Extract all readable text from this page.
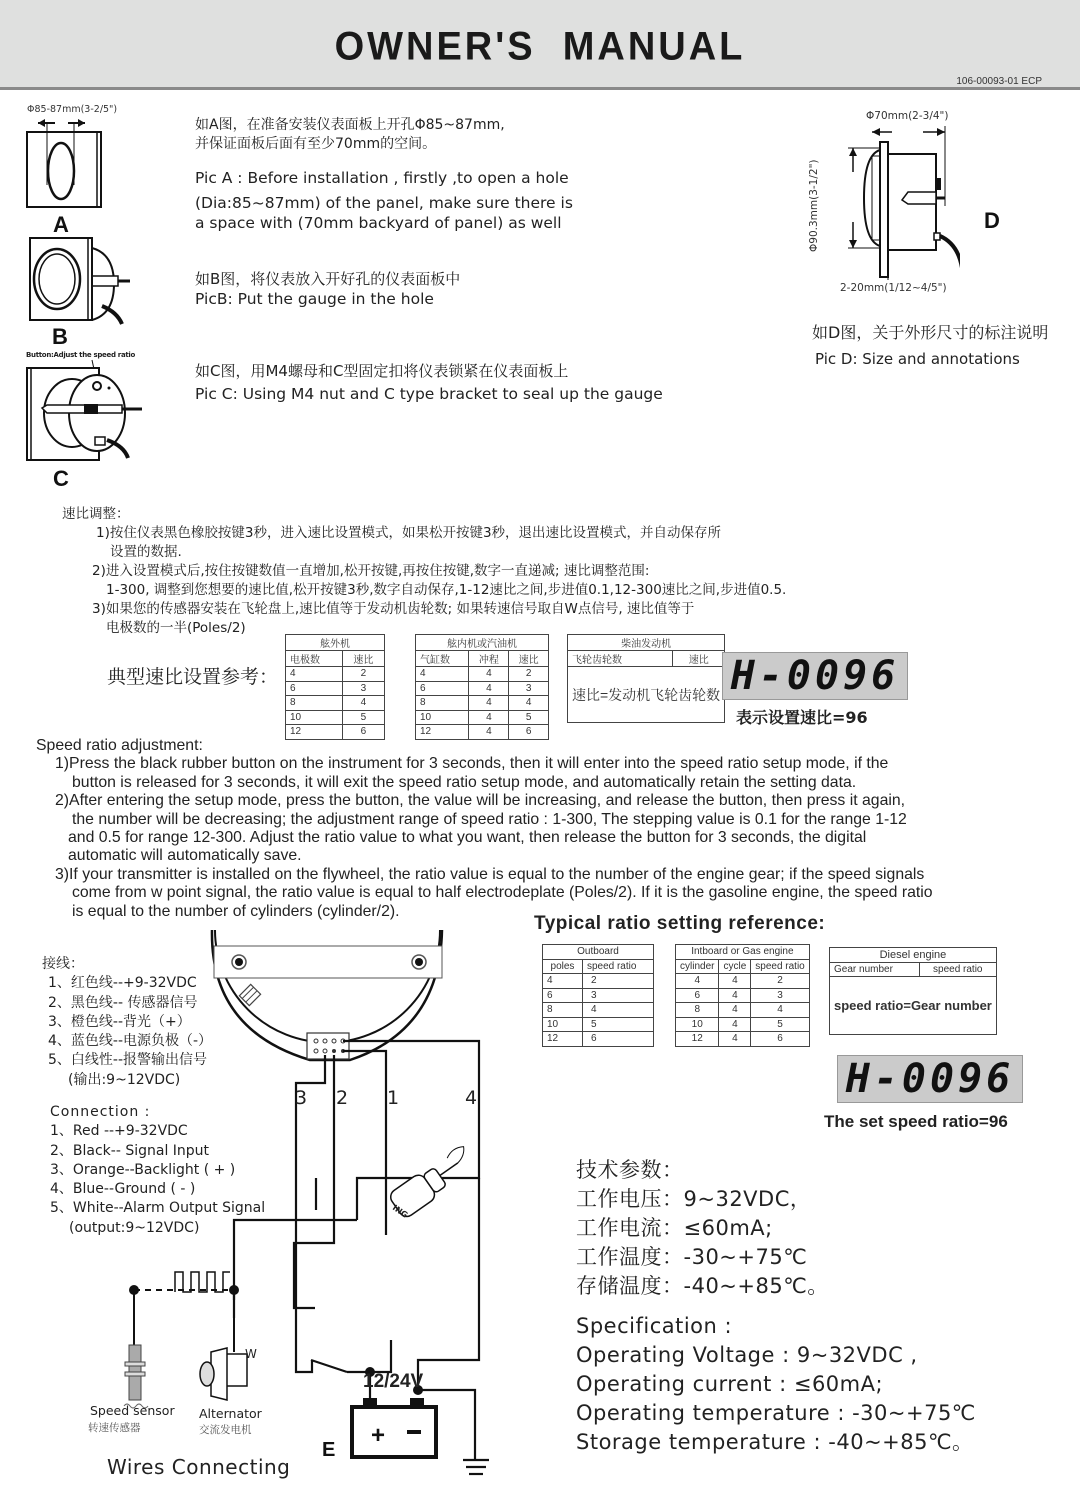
OWNER'S  MANUAL
106-00093-01 ECP
Φ85-87mm(3-2/5")
A
B
Button:Adjust the speed ratio
C
如A图，在准备安装仪表面板上开孔Φ85~87mm,
并保证面板后面有至少70mm的空间。
Pic A : Before installation , firstly ,to open a hole
(Dia:85~87mm) of the panel, make sure there is
a space with (70mm backyard of panel) as well
如B图，将仪表放入开好孔的仪表面板中
PicB: Put the gauge in the hole
如C图，用M4螺母和C型固定扣将仪表锁紧在仪表面板上
Pic C: Using M4 nut and C type bracket to seal up the gauge
Φ70mm(2-3/4")
Φ90.3mm(3-1/2")	D
2-20mm(1/12~4/5")
如D图，关于外形尺寸的标注说明
Pic D: Size and annotations
速比调整：
1)按住仪表黑色橡胶按键3秒，进入速比设置模式，如果松开按键3秒，退出速比设置模式，并自动保存所
设置的数据.
2)进入设置模式后,按住按键数值一直增加,松开按键,再按住按键,数字一直递减; 速比调整范围:
1-300, 调整到您想要的速比值,松开按键3秒,数字自动保存,1-12速比之间,步进值0.1,12-300速比之间,步进值0.5.
3)如果您的传感器安装在飞轮盘上,速比值等于发动机齿轮数; 如果转速信号取自W点信号, 速比值等于
电极数的一半(Poles/2)
典型速比设置参考：
舷外机	
电极数	速比
4	2
6	3
8	4
10	5
12	6
舷内机或汽油机		
气缸数	冲程	速比
4	4	2
6	4	3
8	4	4
10	4	5
12	4	6
柴油发动机
飞轮齿轮数	速比
速比=发动机飞轮齿轮数 H-0096
表示设置速比=96

Speed ratio adjustment:

1)Press the black rubber button on the instrument for 3 seconds, then it will enter into the speed ratio setup mode, if the

button is released for 3 seconds, it will exit the speed ratio setup mode, and automatically retain the setting data.

2)After entering the setup mode, press the button, the value will be increasing, and release the button, then press it again,

the number will be decreasing; the adjustment range of speed ratio : 1-300, The stepping value is 0.1 for the range 1-12

and 0.5 for range 12-300. Adjust the ratio value to what you want, then release the button for 3 seconds, the digital

automatic will automatically save.

3)If your transmitter is installed on the flywheel, the ratio value is equal to the number of the engine gear; if the speed signals

come from w point signal, the ratio value is equal to half electrodeplate (Poles/2). If it is the gasoline engine, the speed ratio

is equal to the number of cylinders (cylinder/2).

Typical ratio setting reference:
Outboard	
poles	speed ratio
4	2
6	3
8	4
10	5
12	6
Intboard or Gas engine		
cylinder	cycle	speed ratio
4	4	2
6	4	3
8	4	4
10	4	5
12	4	6
Diesel engine
Gear number	speed ratio
speed ratio=Gear number
H-0096
The set speed ratio=96
接线：
1、红色线--+9-32VDC
2、黑色线-- 传感器信号
3、橙色线--背光（+）
4、蓝色线--电源负极（-）
5、白线性--报警输出信号
(输出:9~12VDC)
Connection :
1、Red --+9-32VDC
2、Black-- Signal Input
3、Orange--Backlight ( + )
4、Blue--Ground ( - )
5、White--Alarm Output Signal
(output:9~12VDC)
+
3 2 1	4
ING
12/24V
W
Speed sensor
转速传感器
Alternator
交流发电机
E
Wires Connecting
技术参数：
工作电压：9~32VDC，
工作电流：≤60mA;
工作温度：-30~+75℃
存储温度：-40~+85℃。
Specification :
Operating Voltage : 9~32VDC ,
Operating current : ≤60mA;
Operating temperature : -30~+75℃
Storage temperature : -40~+85℃。
